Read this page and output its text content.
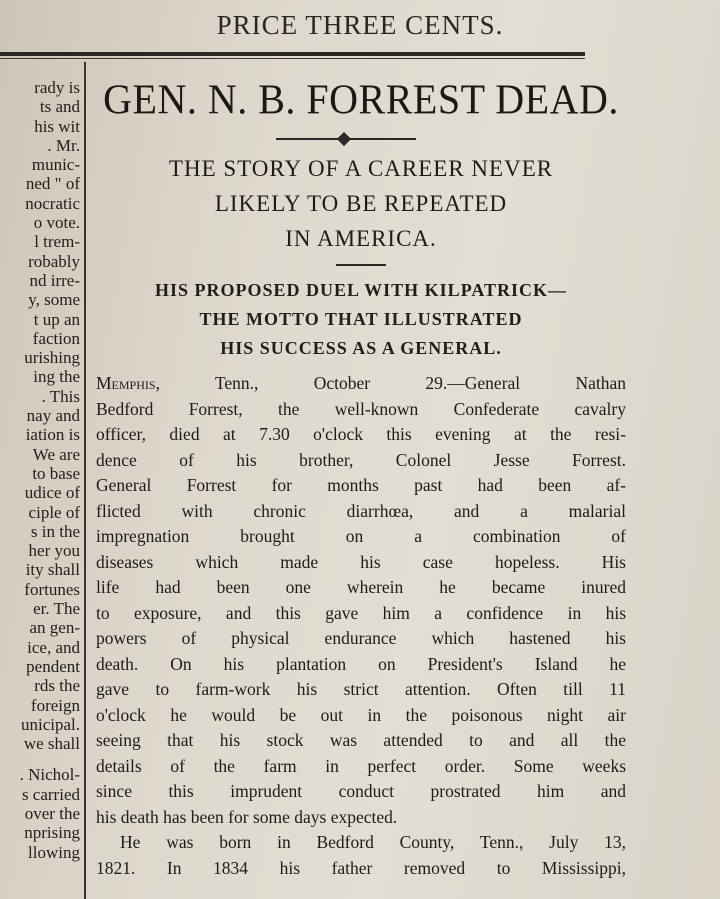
PRICE THREE CENTS.
rady is
ts and
his wit
. Mr.
munic-
ned " of
nocratic
o vote.
l trem-
robably
nd irre-
y, some
t up an
faction
urishing
ing the
. This
nay and
iation is
We are
to base
udice of
ciple of
s in the
her you
ity shall
fortunes
er. The
an gen-
ice, and
pendent
rds the
foreign
unicipal.
we shall
. Nichol-
s carried
over the
nprising
llowing
GEN. N. B. FORREST DEAD.
THE STORY OF A CAREER NEVER
LIKELY TO BE REPEATED
IN AMERICA.
HIS PROPOSED DUEL WITH KILPATRICK—
THE MOTTO THAT ILLUSTRATED
HIS SUCCESS AS A GENERAL.
Memphis, Tenn., October 29.—General Nathan
Bedford Forrest, the well-known Confederate cavalry
officer, died at 7.30 o'clock this evening at the resi-
dence of his brother, Colonel Jesse Forrest.
General Forrest for months past had been af-
flicted with chronic diarrhœa, and a malarial
impregnation brought on a combination of
diseases which made his case hopeless. His
life had been one wherein he became inured
to exposure, and this gave him a confidence in his
powers of physical endurance which hastened his
death. On his plantation on President's Island he
gave to farm-work his strict attention. Often till 11
o'clock he would be out in the poisonous night air
seeing that his stock was attended to and all the
details of the farm in perfect order. Some weeks
since this imprudent conduct prostrated him and
his death has been for some days expected.
He was born in Bedford County, Tenn., July 13,
1821. In 1834 his father removed to Mississippi,
